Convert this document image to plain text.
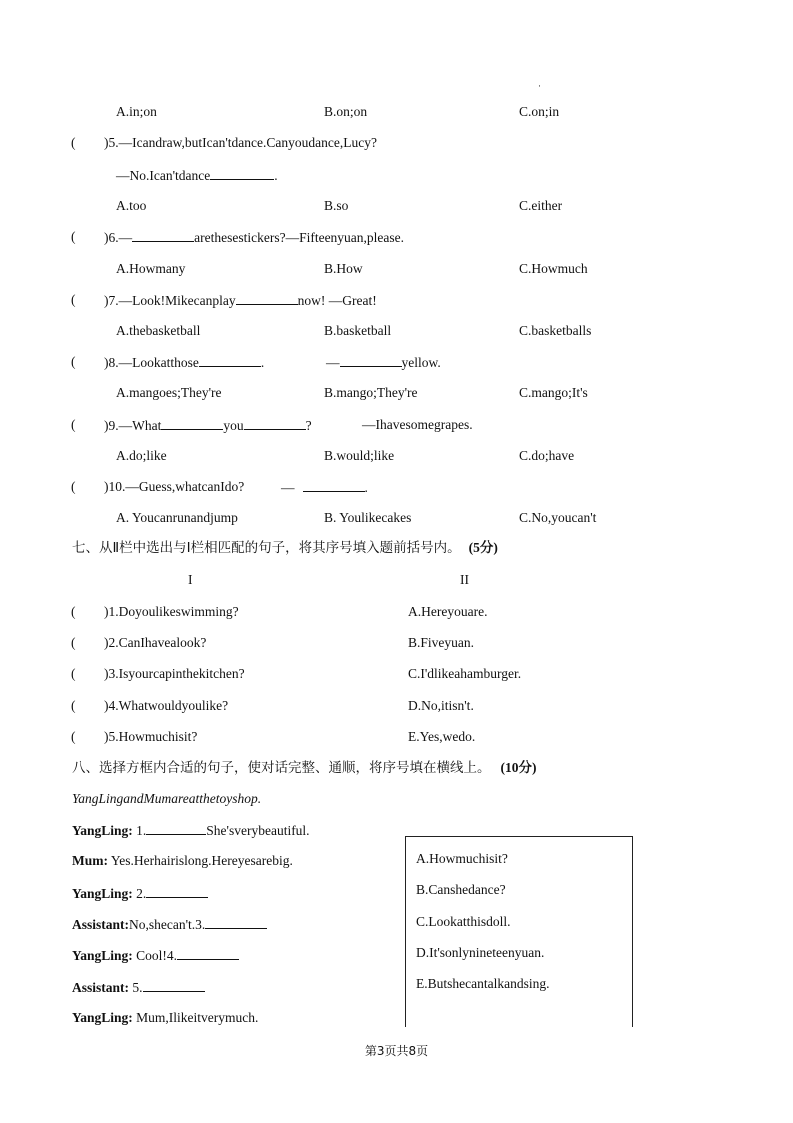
·
A.in;on	B.on;on	C.on;in
( )5.—Icandraw,butIcan'tdance.Canyoudance,Lucy?
—No.Ican'tdance	.
A.too	B.so	C.either
( )6.—	arethesestickers?—Fifteenyuan,please.
A.Howmany	B.How	C.Howmuch
( )7.—Look!Mikecanplay	now! —Great!
A.thebasketball	B.basketball	C.basketballs
( )8.—Lookatthose	.	—	yellow.
A.mangoes;They're	B.mango;They're	C.mango;It's
( )9.—What	you	?	—Ihavesomegrapes.
A.do;like	B.would;like	C.do;have
( )10.—Guess,whatcanIdo?	—	.
A. Youcanrunandjump	B. Youlikecakes	C.No,youcan't
七、从Ⅱ栏中选出与Ⅰ栏相匹配的句子，将其序号填入题前括号内。 (5分)
I	II
( )1.Doyoulikeswimming?	A.Hereyouare.
( )2.CanIhavealook?	B.Fiveyuan.
( )3.Isyourcapinthekitchen?	C.I'dlikeahamburger.
( )4.Whatwouldyoulike?	D.No,itisn't.
( )5.Howmuchisit?	E.Yes,wedo.
八、选择方框内合适的句子，使对话完整、通顺，将序号填在横线上。 (10分)
YangLingandMumareatthetoyshop.
YangLing: 1.	She'sverybeautiful.
Mum: Yes.Herhairislong.Hereyesarebig.
YangLing: 2.
Assistant:No,shecan't.3.
YangLing: Cool!4.
Assistant: 5.
YangLing: Mum,Ilikeitverymuch.
A.Howmuchisit?
B.Canshedance?
C.Lookatthisdoll.
D.It'sonlynineteenyuan.
E.Butshecantalkandsing.
第3页共8页
